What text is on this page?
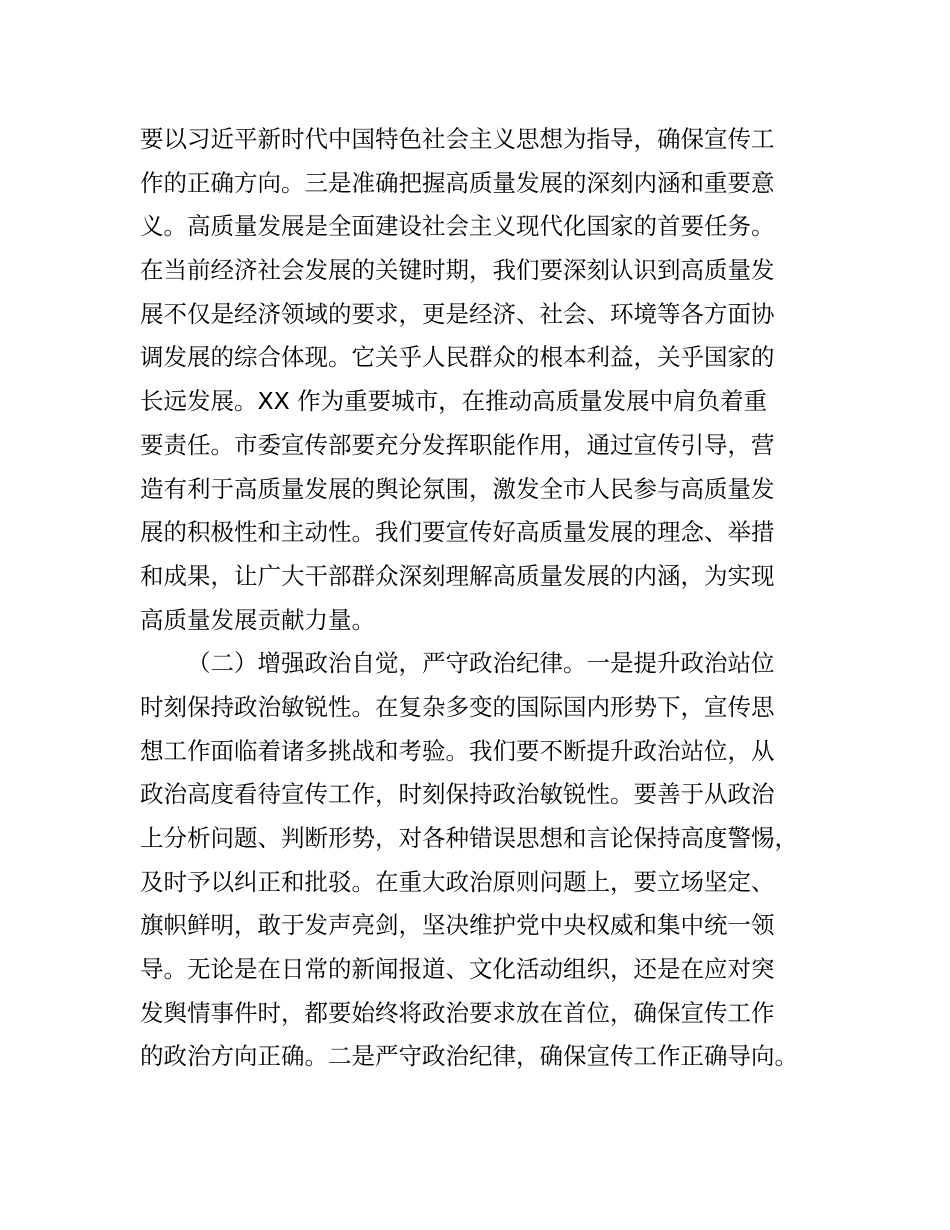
要以习近平新时代中国特色社会主义思想为指导，确保宣传工
作的正确方向。三是准确把握高质量发展的深刻内涵和重要意
义。高质量发展是全面建设社会主义现代化国家的首要任务。
在当前经济社会发展的关键时期，我们要深刻认识到高质量发
展不仅是经济领域的要求，更是经济、社会、环境等各方面协
调发展的综合体现。它关乎人民群众的根本利益，关乎国家的
长远发展。XX 作为重要城市，在推动高质量发展中肩负着重
要责任。市委宣传部要充分发挥职能作用，通过宣传引导，营
造有利于高质量发展的舆论氛围，激发全市人民参与高质量发
展的积极性和主动性。我们要宣传好高质量发展的理念、举措
和成果，让广大干部群众深刻理解高质量发展的内涵，为实现
高质量发展贡献力量。
（二）增强政治自觉，严守政治纪律。一是提升政治站位
时刻保持政治敏锐性。在复杂多变的国际国内形势下，宣传思
想工作面临着诸多挑战和考验。我们要不断提升政治站位，从
政治高度看待宣传工作，时刻保持政治敏锐性。要善于从政治
上分析问题、判断形势，对各种错误思想和言论保持高度警惕，
及时予以纠正和批驳。在重大政治原则问题上，要立场坚定、
旗帜鲜明，敢于发声亮剑，坚决维护党中央权威和集中统一领
导。无论是在日常的新闻报道、文化活动组织，还是在应对突
发舆情事件时，都要始终将政治要求放在首位，确保宣传工作
的政治方向正确。二是严守政治纪律，确保宣传工作正确导向。
